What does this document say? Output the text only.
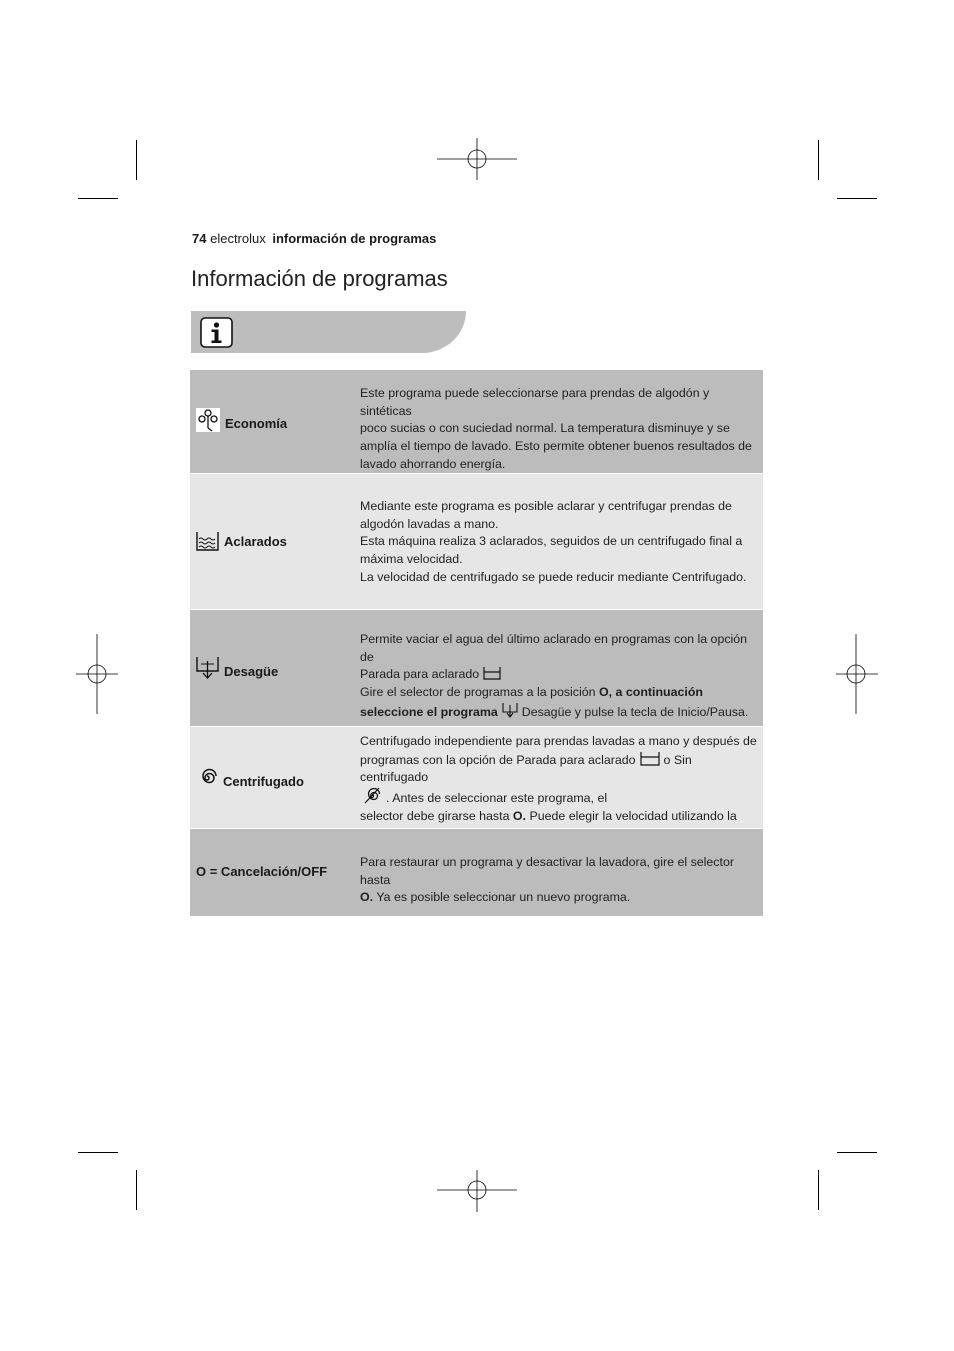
74 electrolux información de programas
Información de programas
Economía

Este programa puede seleccionarse para prendas de algodón y sintéticas

poco sucias o con suciedad normal. La temperatura disminuye y se

amplía el tiempo de lavado. Esto permite obtener buenos resultados de

lavado ahorrando energía.

Aclarados

Mediante este programa es posible aclarar y centrifugar prendas de

algodón lavadas a mano.

Esta máquina realiza 3 aclarados, seguidos de un centrifugado final a

máxima velocidad.

La velocidad de centrifugado se puede reducir mediante Centrifugado.

Desagüe

Permite vaciar el agua del último aclarado en programas con la opción de

Parada para aclarado

Gire el selector de programas a la posición O, a continuación

seleccione el programa Desagüe y pulse la tecla de Inicio/Pausa.

Centrifugado

Centrifugado independiente para prendas lavadas a mano y después de

programas con la opción de Parada para aclarado o Sin centrifugado

. Antes de seleccionar este programa, el

selector debe girarse hasta O. Puede elegir la velocidad utilizando la

O = Cancelación/OFF

Para restaurar un programa y desactivar la lavadora, gire el selector hasta

O. Ya es posible seleccionar un nuevo programa.
